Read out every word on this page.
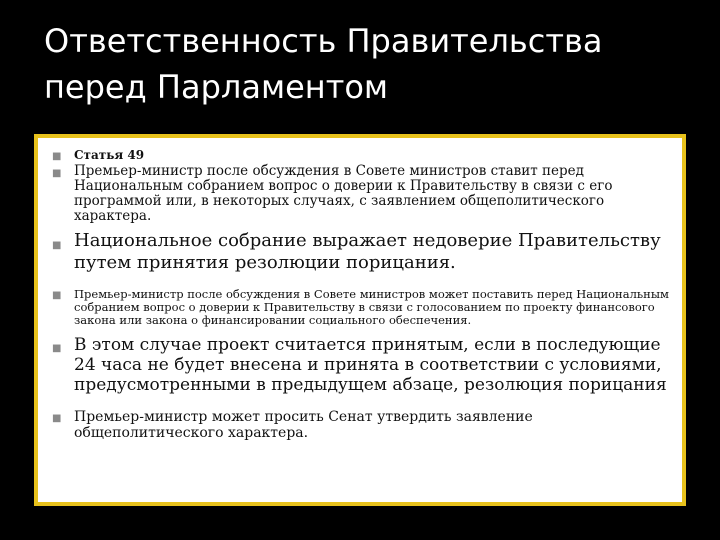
Ответственность Правительства
перед Парламентом
■ Статья 49
■ Премьер-министр после обсуждения в Совете министров ставит перед Национальным собранием вопрос о доверии к Правительству в связи с его программой или, в некоторых случаях, с заявлением общеполитического характера.
■ Национальное собрание выражает недоверие Правительству путем принятия резолюции порицания.
■ Премьер-министр после обсуждения в Совете министров может поставить перед Национальным собранием вопрос о доверии к Правительству в связи с голосованием по проекту финансового закона или закона о финансировании социального обеспечения.
■ В этом случае проект считается принятым, если в последующие 24 часа не будет внесена и принята в соответствии с условиями, предусмотренными в предыдущем абзаце, резолюция порицания
■ Премьер-министр может просить Сенат утвердить заявление общеполитического характера.
